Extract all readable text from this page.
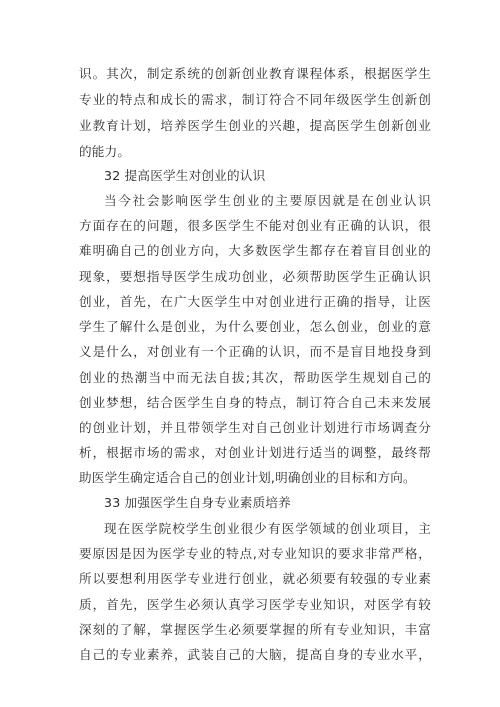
识。其次，制定系统的创新创业教育课程体系，根据医学生
专业的特点和成长的需求，制订符合不同年级医学生创新创
业教育计划，培养医学生创业的兴趣，提高医学生创新创业
的能力。
32 提高医学生对创业的认识
当今社会影响医学生创业的主要原因就是在创业认识
方面存在的问题，很多医学生不能对创业有正确的认识，很
难明确自己的创业方向，大多数医学生都存在着盲目创业的
现象，要想指导医学生成功创业，必须帮助医学生正确认识
创业，首先，在广大医学生中对创业进行正确的指导，让医
学生了解什么是创业，为什么要创业，怎么创业，创业的意
义是什么，对创业有一个正确的认识，而不是盲目地投身到
创业的热潮当中而无法自拔;其次，帮助医学生规划自己的
创业梦想，结合医学生自身的特点，制订符合自己未来发展
的创业计划，并且带领学生对自己创业计划进行市场调查分
析，根据市场的需求，对创业计划进行适当的调整，最终帮
助医学生确定适合自己的创业计划,明确创业的目标和方向。
33 加强医学生自身专业素质培养
现在医学院校学生创业很少有医学领域的创业项目，主
要原因是因为医学专业的特点,对专业知识的要求非常严格，
所以要想利用医学专业进行创业，就必须要有较强的专业素
质，首先，医学生必须认真学习医学专业知识，对医学有较
深刻的了解，掌握医学生必须要掌握的所有专业知识，丰富
自己的专业素养，武装自己的大脑，提高自身的专业水平，
